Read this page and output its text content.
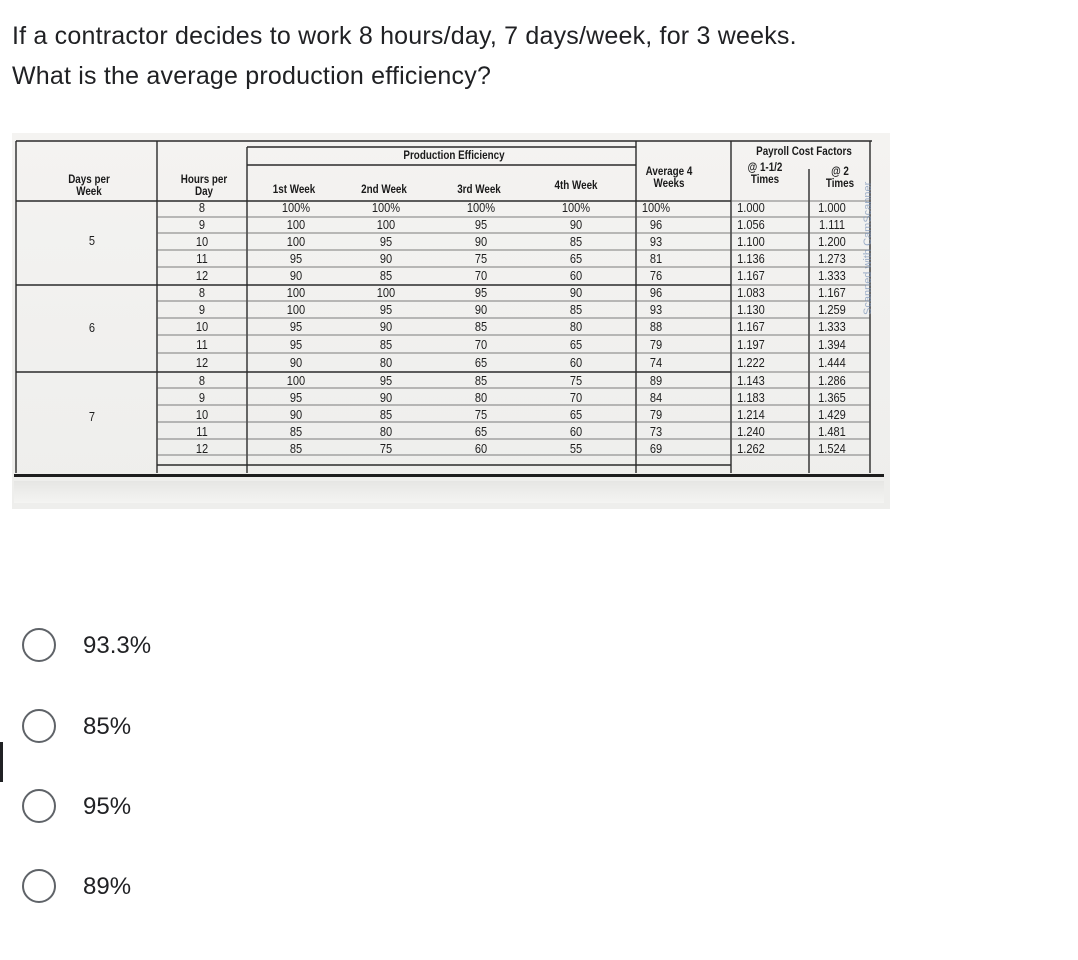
If a contractor decides to work 8 hours/day, 7 days/week, for 3 weeks.
What is the average production efficiency?
Days per Week
Hours per Day
Production Efficiency
1st Week	2nd Week	3rd Week	4th Week
Average 4 Weeks
Payroll Cost Factors
@ 1-1/2 Times
@ 2 Times
5
6
7
8	100%	100%	100%	100%	100%	1.000	1.000
9	100	100	95	90	96	1.056	1.111
10	100	95	90	85	93	1.100	1.200
11	95	90	75	65	81	1.136	1.273
12	90	85	70	60	76	1.167	1.333
8	100	100	95	90	96	1.083	1.167
9	100	95	90	85	93	1.130	1.259
10	95	90	85	80	88	1.167	1.333
11	95	85	70	65	79	1.197	1.394
12	90	80	65	60	74	1.222	1.444
8	100	95	85	75	89	1.143	1.286
9	95	90	80	70	84	1.183	1.365
10	90	85	75	65	79	1.214	1.429
11	85	80	65	60	73	1.240	1.481
12	85	75	60	55	69	1.262	1.524
Scanned with CamScanner
93.3%
85%
95%
89%
